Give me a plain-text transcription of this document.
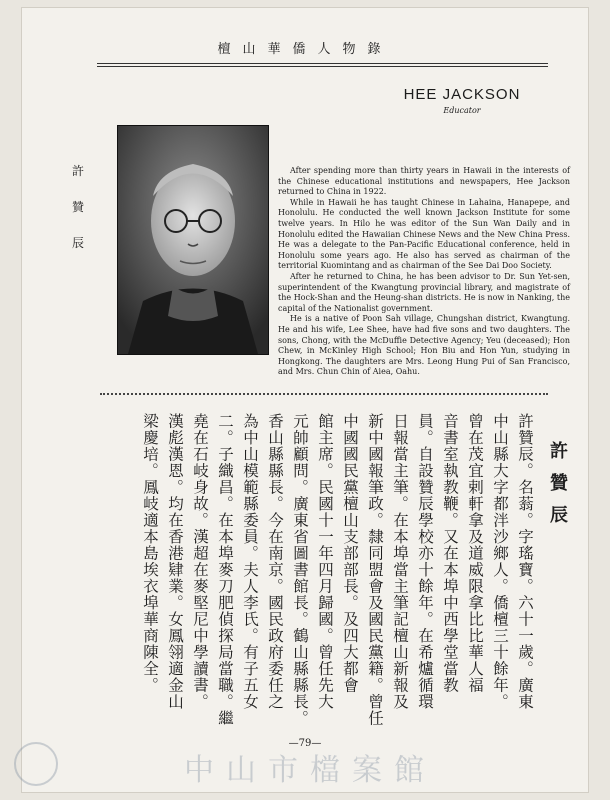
檀山華僑人物錄
HEE JACKSON
Educator
許贊辰

After spending more than thirty years in Hawaii in the interests of the Chinese educational institutions and newspapers, Hee Jackson returned to China in 1922.

While in Hawaii he has taught Chinese in Lahaina, Hanapepe, and Honolulu. He conducted the well known Jackson Institute for some twelve years. In Hilo he was editor of the Sun Wan Daily and in Honolulu edited the Hawaiian Chinese News and the New China Press. He was a delegate to the Pan-Pacific Educational conference, held in Honolulu some years ago. He also has served as chairman of the territorial Kuomintang and as chairman of the See Dai Doo Society.

After he returned to China, he has been advisor to Dr. Sun Yet-sen, superintendent of the Kwangtung provincial library, and magistrate of the Hock-Shan and the Heung-shan districts. He is now in Nanking, the capital of the Nationalist government.

He is a native of Poon Sah village, Chungshan district, Kwangtung. He and his wife, Lee Shee, have had five sons and two daughters. The sons, Chong, with the McDuffie Detective Agency; Yeu (deceased); Hon Chew, in McKinley High School; Hon Biu and Hon Yun, studying in Hongkong. The daughters are Mrs. Leong Hung Pui of San Francisco, and Mrs. Chun Chin of Aiea, Oahu.

許贊辰
許贊辰。名蓊。字瑤寶。六十一歲。廣東
中山縣大字都泮沙鄉人。僑檀三十餘年。
曾在茂宜剌軒拿及道威限拿比比華人福
音書室執教鞭。又在本埠中西學堂當教
員。自設贊辰學校亦十餘年。在希爐循環
日報當主筆。在本埠當主筆記檀山新報及
新中國報筆政。隸同盟會及國民黨籍。曾任
中國國民黨檀山支部部長。及四大都會
館主席。民國十一年四月歸國。曾任先大
元帥顧問。廣東省圖書館長。鶴山縣縣長。
香山縣縣長。今在南京。國民政府委任之
為中山模範縣委員。夫人李氏。有子五女
二。子織昌。在本埠麥刀肥偵探局當職。繼
堯在石岐身故。漢超在麥堅尼中學讀書。
漢彪漢恩。均在香港肄業。女鳳翎適金山
梁慶培。鳳岐適本島埃衣埠華商陳全。
—79—
中山市檔案館
